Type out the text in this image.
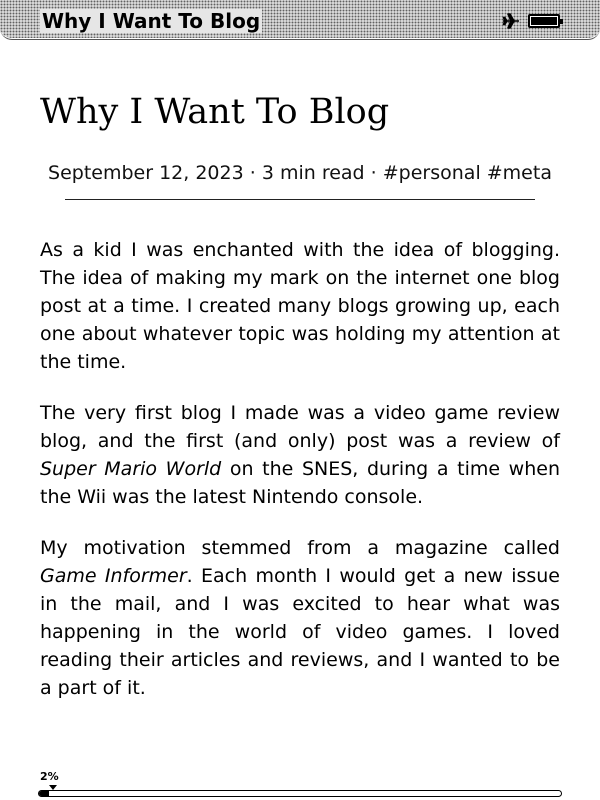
Why I Want To Blog
Why I Want To Blog
September 12, 2023 · 3 min read · #personal #meta

As a kid I was enchanted with the idea of blogging. The idea of making my mark on the internet one blog post at a time. I created many blogs growing up, each one about whatever topic was holding my attention at the time.

The very first blog I made was a video game review blog, and the first (and only) post was a review of Super Mario World on the SNES, during a time when the Wii was the latest Nintendo console.

My motivation stemmed from a magazine called Game Informer. Each month I would get a new issue in the mail, and I was excited to hear what was happening in the world of video games. I loved reading their articles and reviews, and I wanted to be a part of it.

2%
